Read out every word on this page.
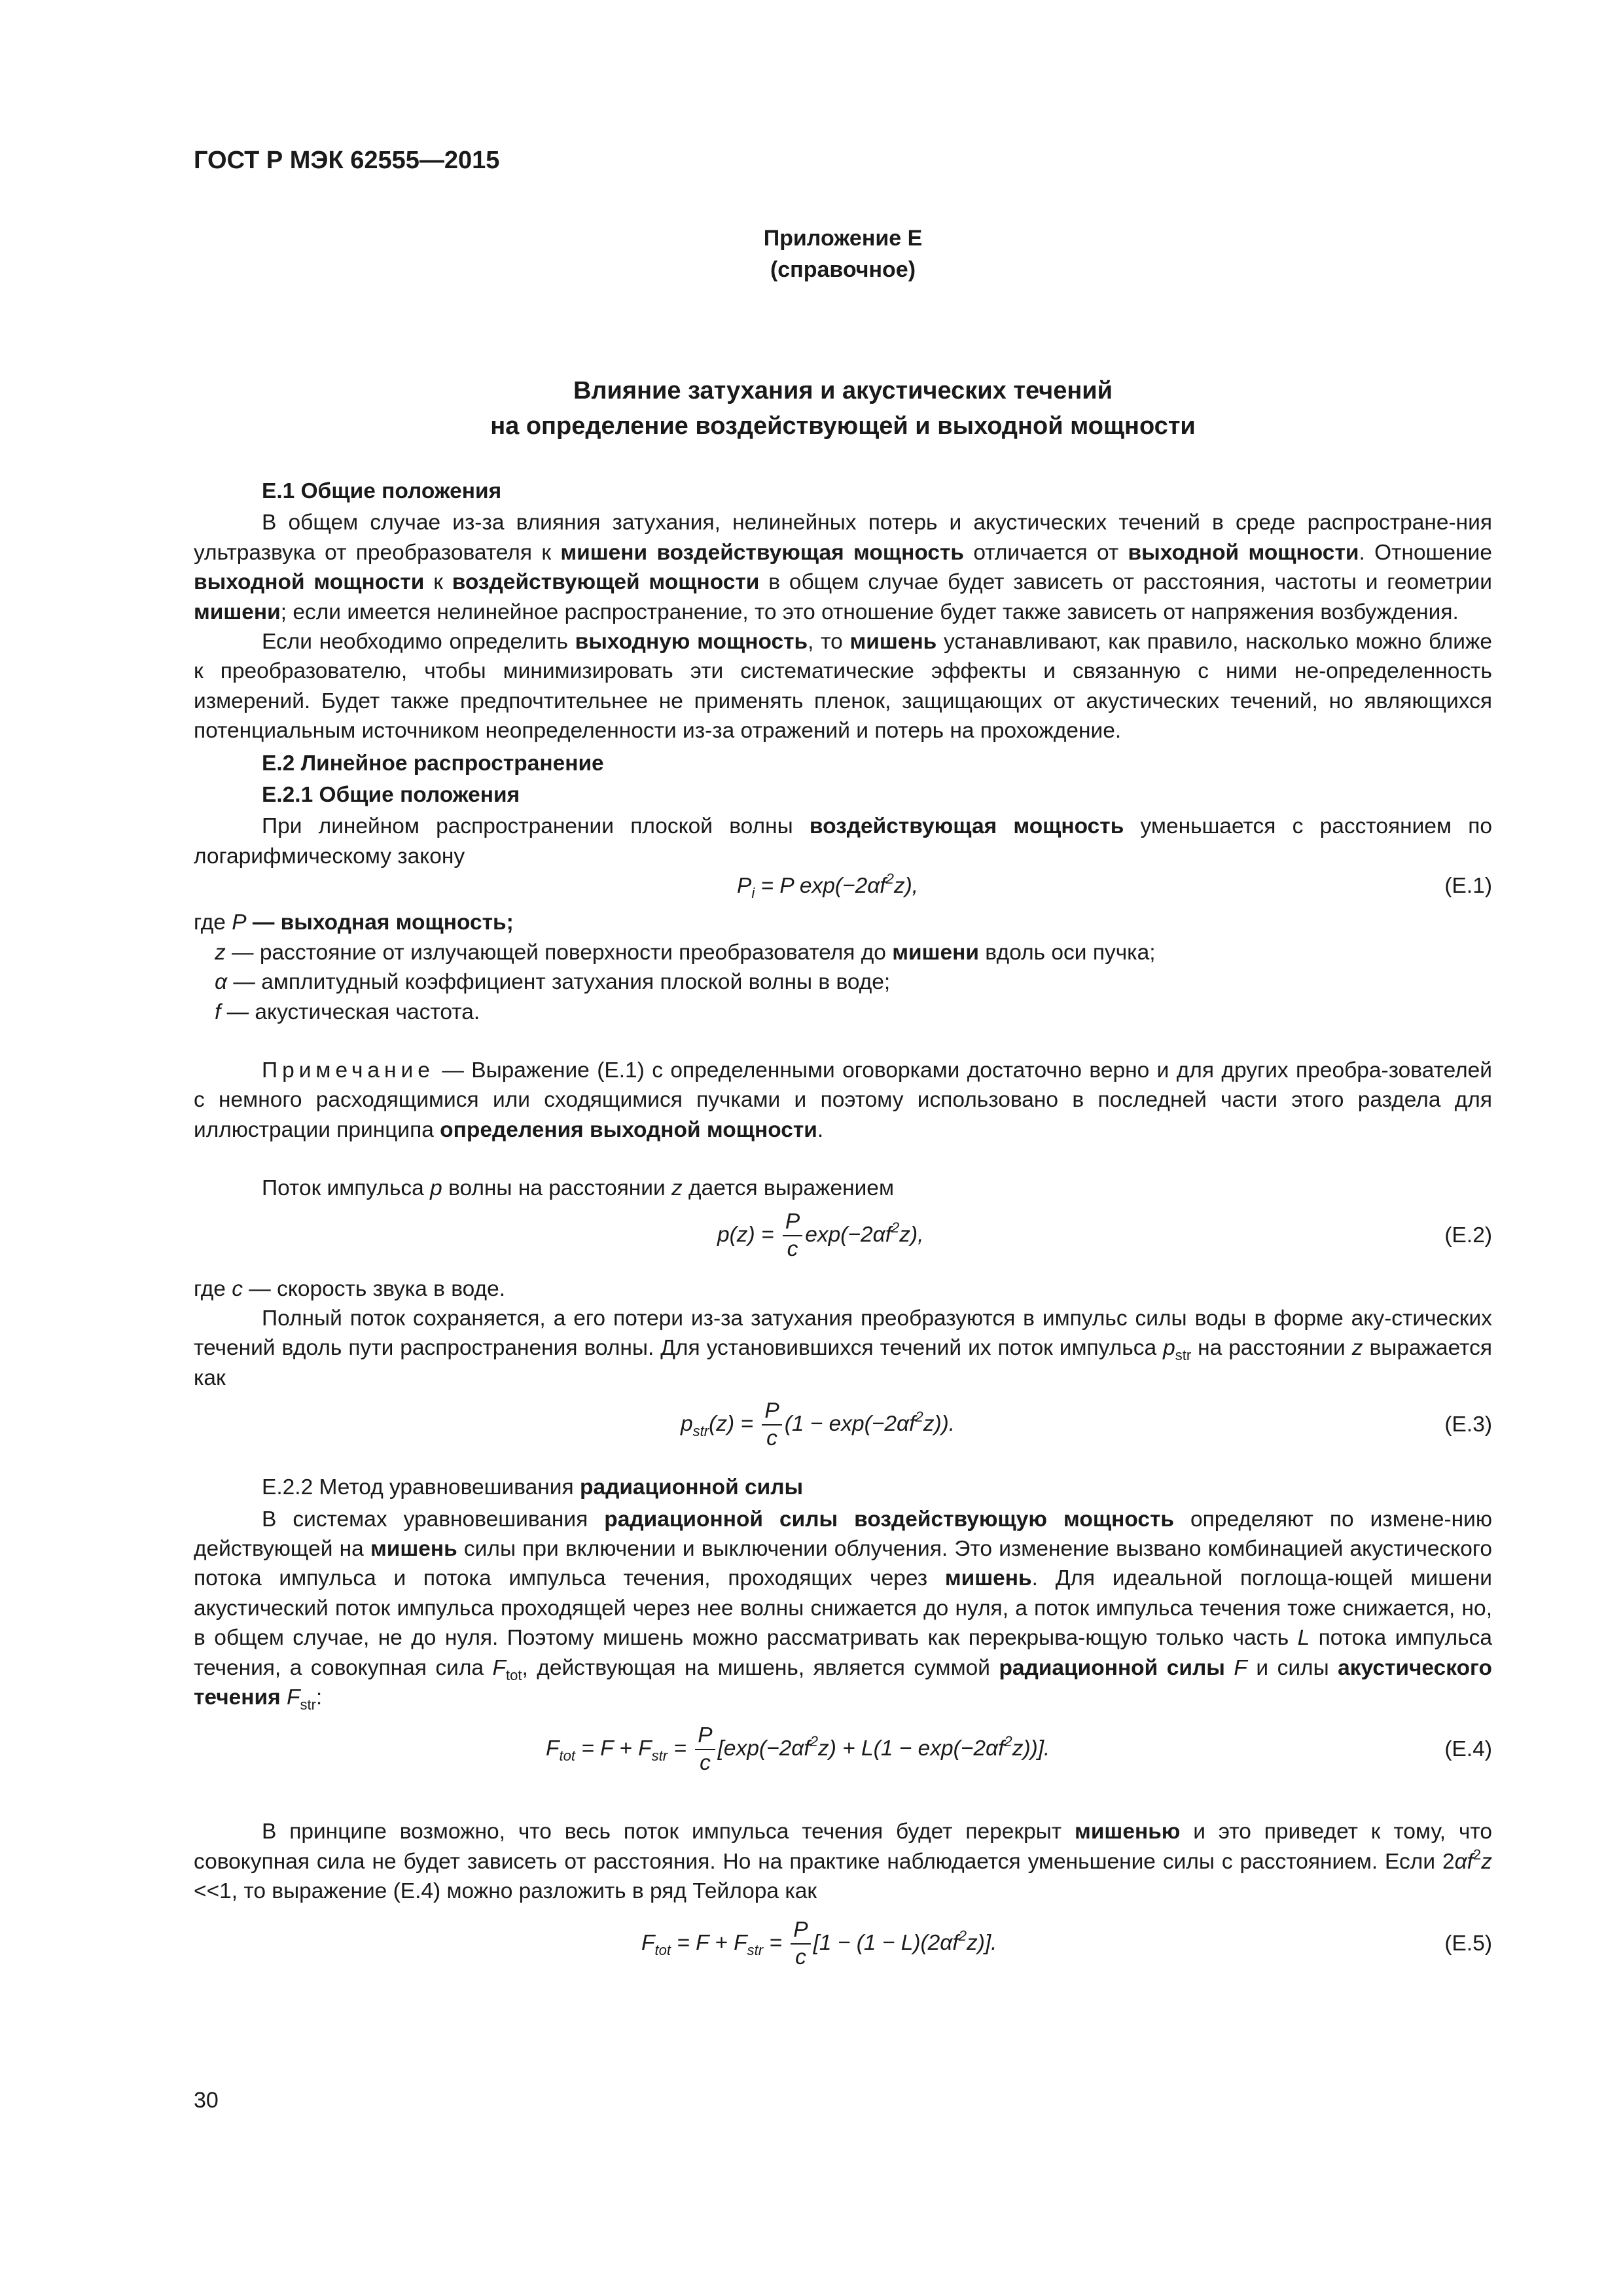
ГОСТ Р МЭК 62555—2015
Приложение Е
(справочное)
Влияние затухания и акустических течений
на определение воздействующей и выходной мощности
Е.1 Общие положения

В общем случае из-за влияния затухания, нелинейных потерь и акустических течений в среде распростране-ния ультразвука от преобразователя к мишени воздействующая мощность отличается от выходной мощности. Отношение выходной мощности к воздействующей мощности в общем случае будет зависеть от расстояния, частоты и геометрии мишени; если имеется нелинейное распространение, то это отношение будет также зависеть от напряжения возбуждения.

Если необходимо определить выходную мощность, то мишень устанавливают, как правило, насколько можно ближе к преобразователю, чтобы минимизировать эти систематические эффекты и связанную с ними не-определенность измерений. Будет также предпочтительнее не применять пленок, защищающих от акустических течений, но являющихся потенциальным источником неопределенности из-за отражений и потерь на прохождение.

Е.2 Линейное распространение
Е.2.1 Общие положения

При линейном распространении плоской волны воздействующая мощность уменьшается с расстоянием по логарифмическому закону

$P_i = P$ $\exp(-2\alpha f^2z)$,	(Е.1)

где P — выходная мощность;

z — расстояние от излучающей поверхности преобразователя до мишени вдоль оси пучка;

α — амплитудный коэффициент затухания плоской волны в воде;

f — акустическая частота.

Примечание — Выражение (Е.1) с определенными оговорками достаточно верно и для других преобра-зователей с немного расходящимися или сходящимися пучками и поэтому использовано в последней части этого раздела для иллюстрации принципа определения выходной мощности.

Поток импульса p волны на расстоянии z дается выражением

$p(z) = \frac{P}{c} \exp(-2\alpha f^2z)$,	(Е.2)

где c — скорость звука в воде.

Полный поток сохраняется, а его потери из-за затухания преобразуются в импульс силы воды в форме аку-стических течений вдоль пути распространения волны. Для установившихся течений их поток импульса $p_{str}$ на расстоянии z выражается как

$p_{str}(z) = \frac{P}{c} (1 - \exp(-2\alpha f^2z))$.	(Е.3)
Е.2.2 Метод уравновешивания радиационной силы

В системах уравновешивания радиационной силы воздействующую мощность определяют по измене-нию действующей на мишень силы при включении и выключении облучения. Это изменение вызвано комбинацией акустического потока импульса и потока импульса течения, проходящих через мишень. Для идеальной поглоща-ющей мишени акустический поток импульса проходящей через нее волны снижается до нуля, а поток импульса течения тоже снижается, но, в общем случае, не до нуля. Поэтому мишень можно рассматривать как перекрыва-ющую только часть L потока импульса течения, а совокупная сила $F_{tot}$, действующая на мишень, является суммой радиационной силы F и силы акустического течения $F_{str}$:

$F_{tot} = F + F_{str} = \frac{P}{c} [\exp(-2\alpha f^2z) + L(1 - \exp(-2\alpha f^2z))]$.	(Е.4)

В принципе возможно, что весь поток импульса течения будет перекрыт мишенью и это приведет к тому, что совокупная сила не будет зависеть от расстояния. Но на практике наблюдается уменьшение силы с расстоянием. Если $2\alpha f^2z <<1$, то выражение (Е.4) можно разложить в ряд Тейлора как

$F_{tot} = F + F_{str} = \frac{P}{c} [1 - (1 - L)(2\alpha f^2z)]$.	(Е.5)
30
